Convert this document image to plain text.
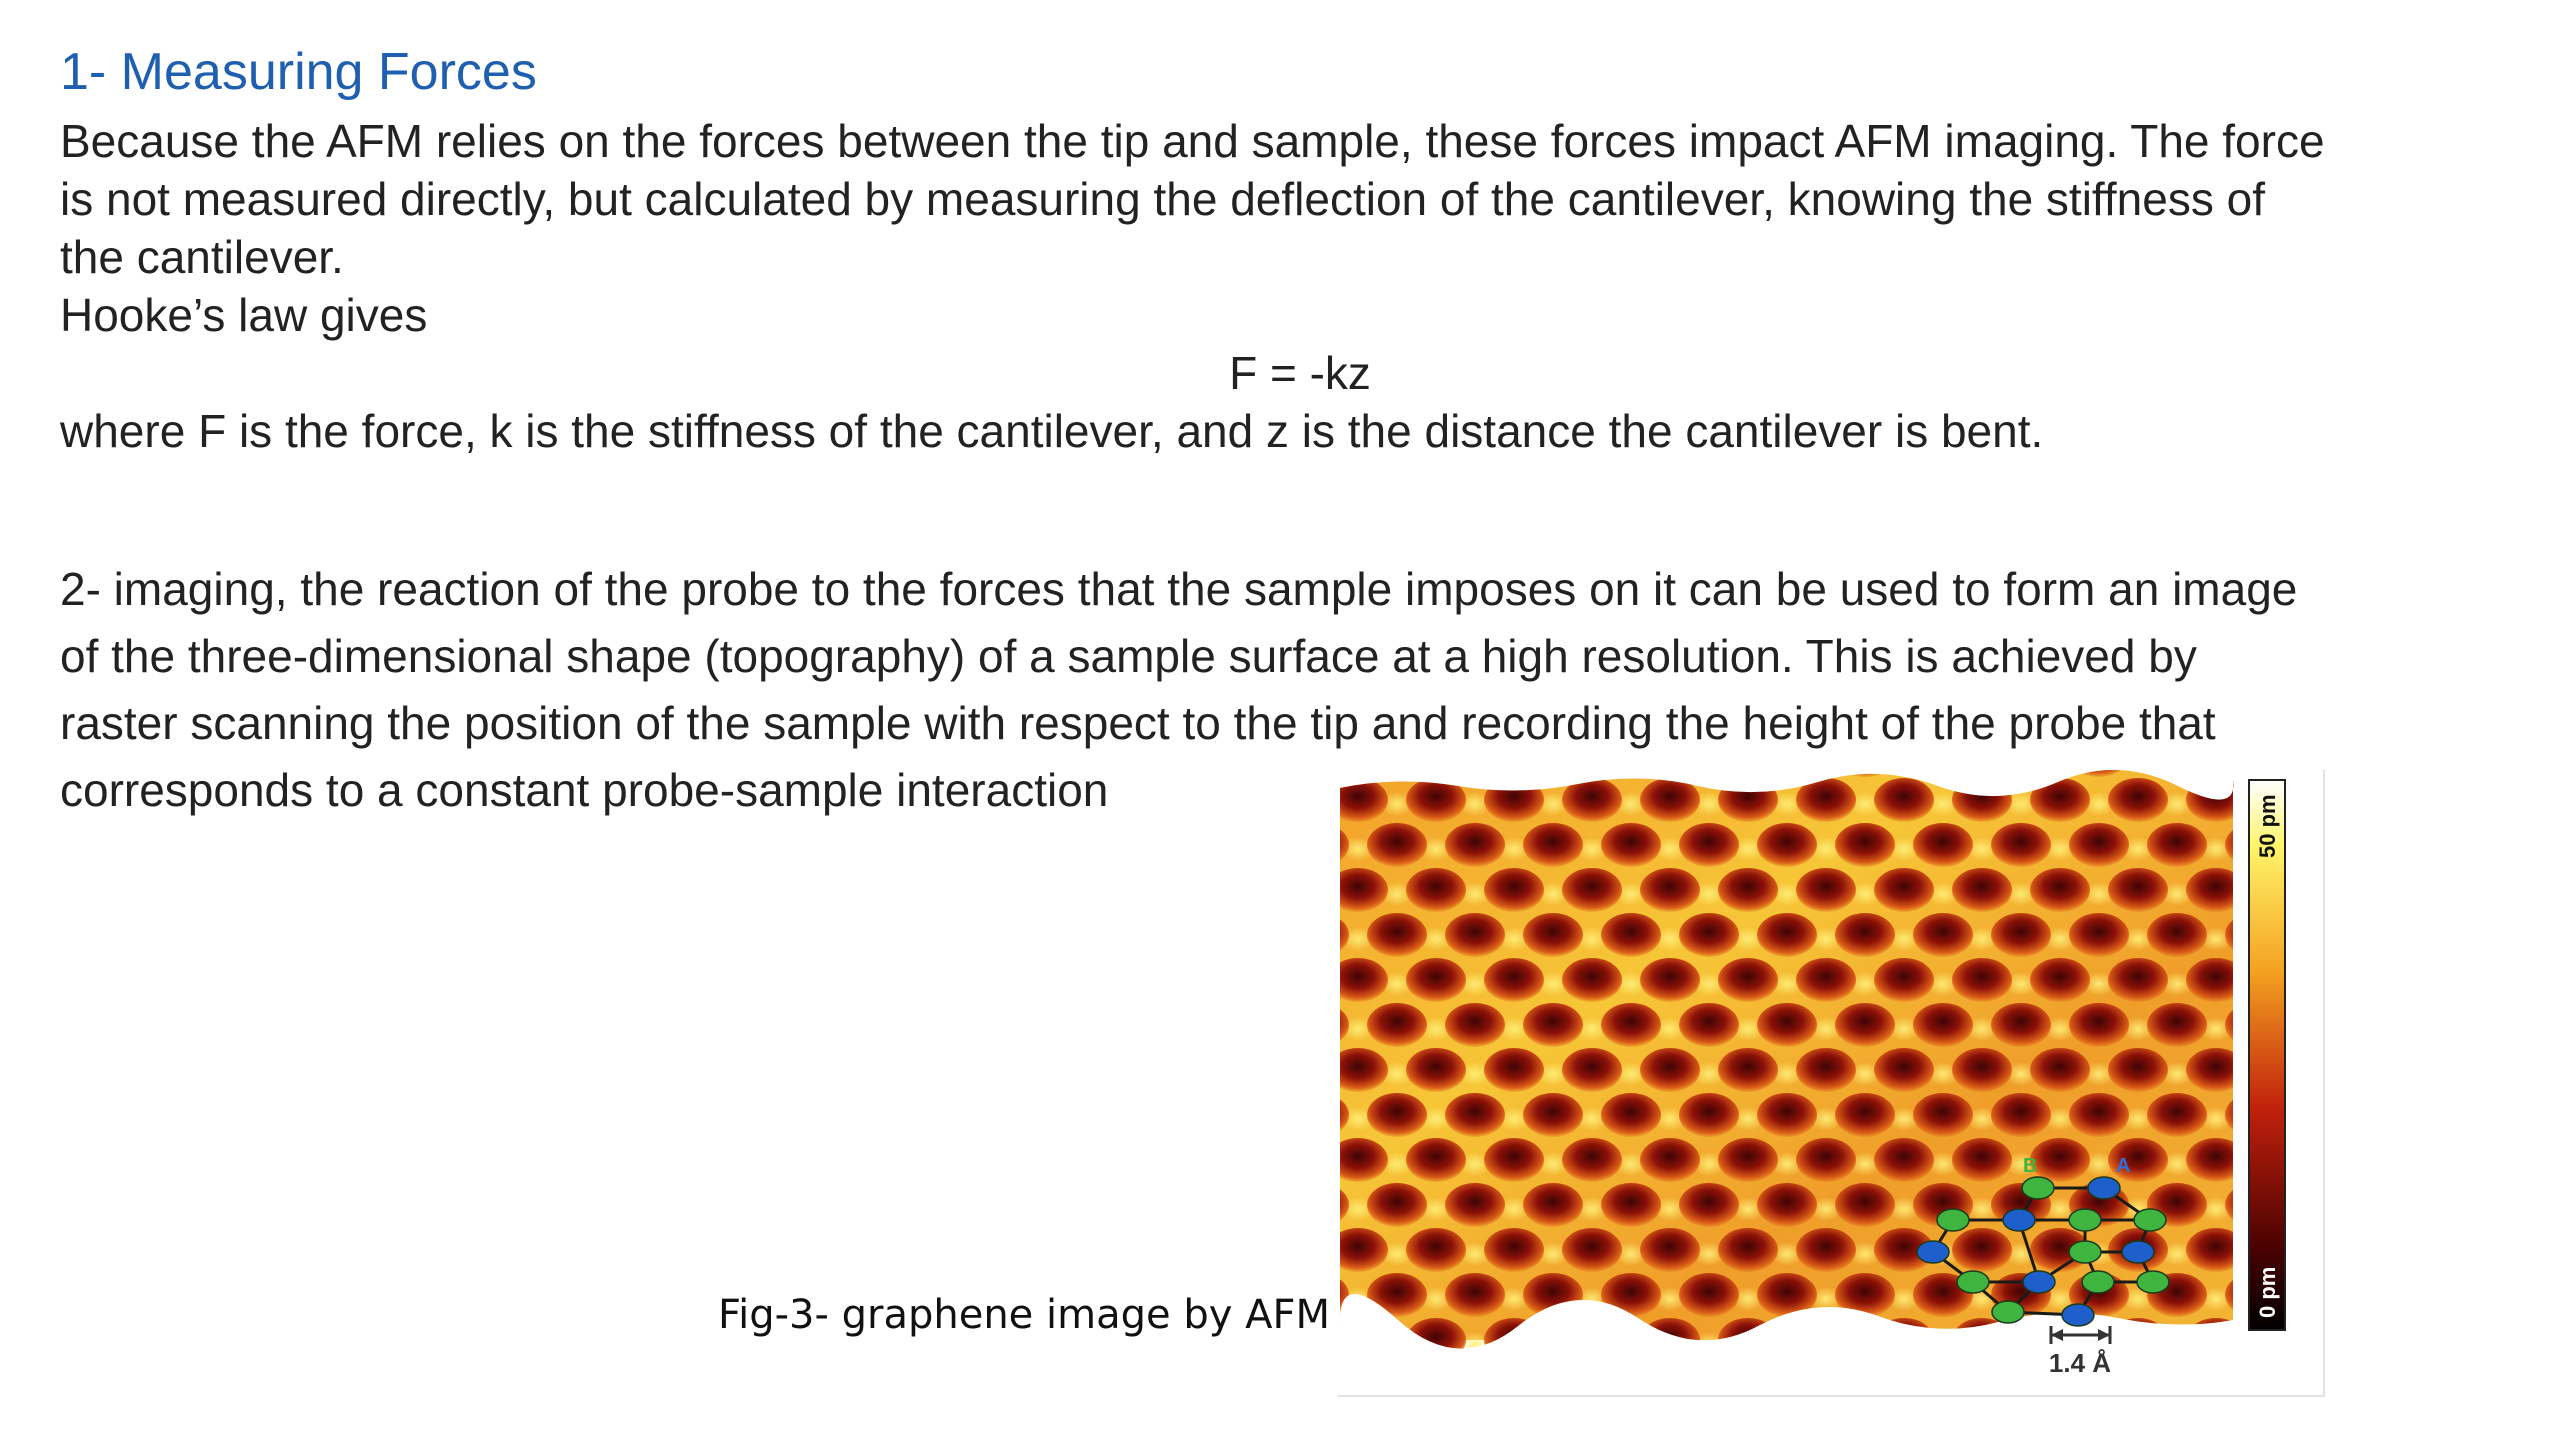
1- Measuring Forces

Because the AFM relies on the forces between the tip and sample, these forces impact AFM imaging. The force

is not measured directly, but calculated by measuring the deflection of the cantilever, knowing the stiffness of

the cantilever.

Hooke’s law gives

F = -kz

where F is the force, k is the stiffness of the cantilever, and z is the distance the cantilever is bent.

2- imaging, the reaction of the probe to the forces that the sample imposes on it can be used to form an image

of the three-dimensional shape (topography) of a sample surface at a high resolution. This is achieved by

raster scanning the position of the sample with respect to the tip and recording the height of the probe that

corresponds to a constant probe-sample interaction

Fig-3- graphene image by AFM
B	A
1.4 Å
50 pm
0 pm
